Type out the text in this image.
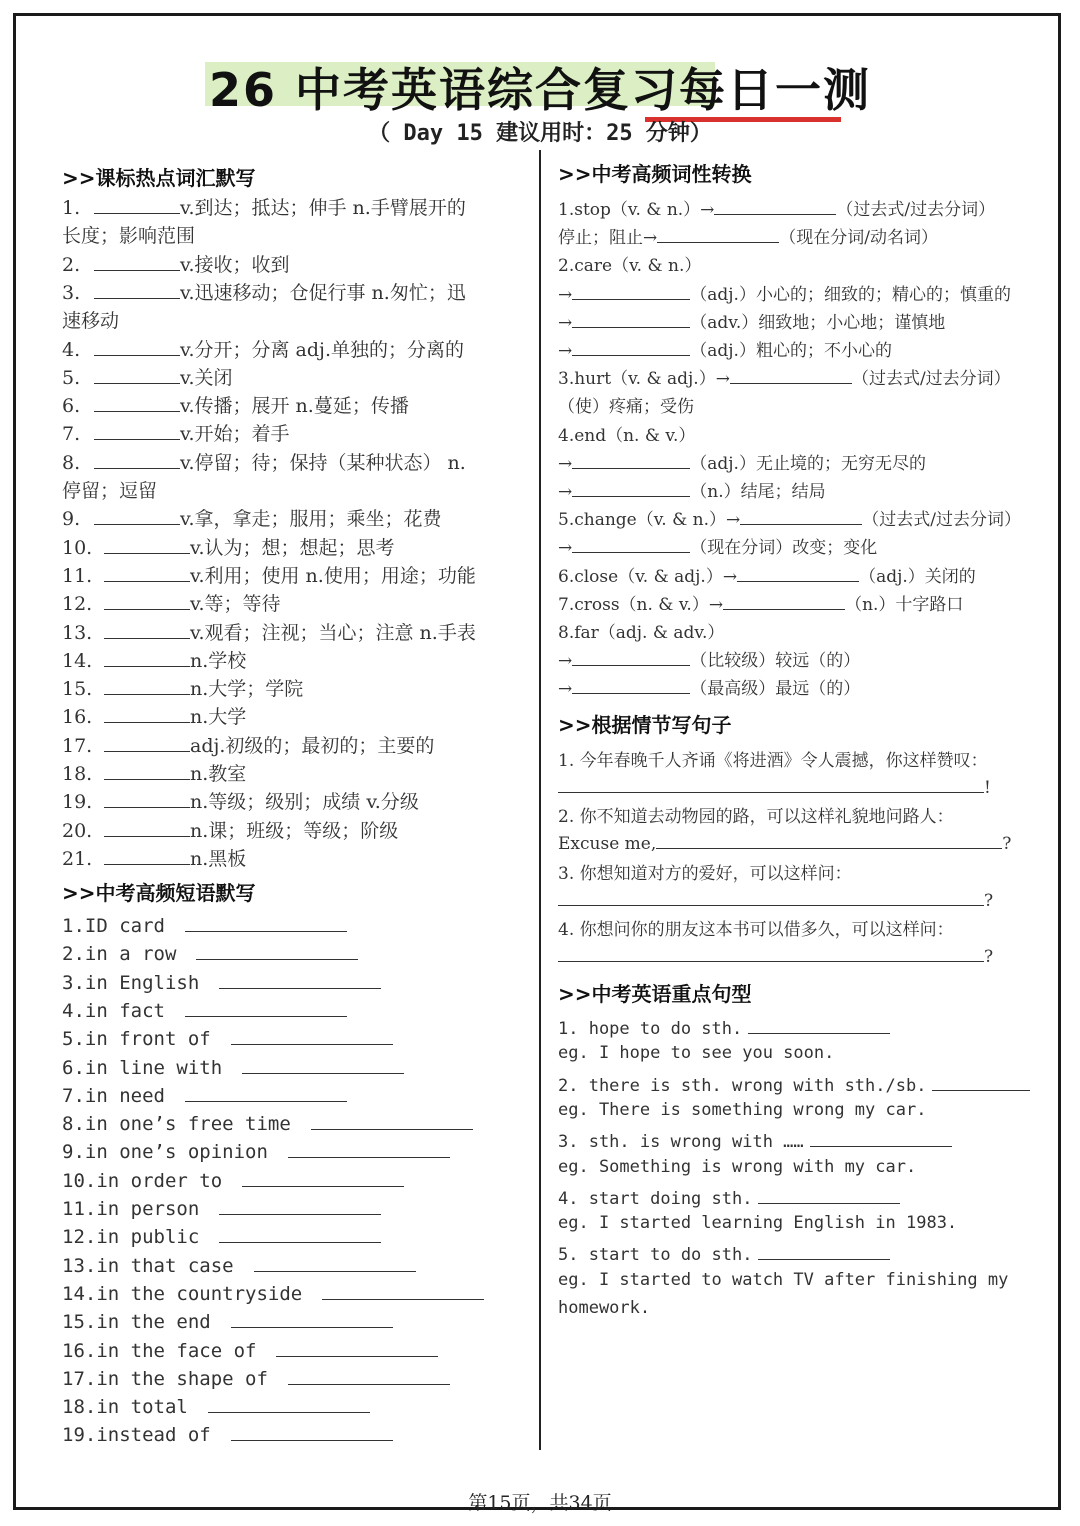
26 中考英语综合复习每日一测
（ Day 15 建议用时：25 分钟）
>>课标热点词汇默写
1.	v.到达；抵达；伸手 n.手臂展开的
长度；影响范围
2.	v.接收；收到
3.	v.迅速移动；仓促行事 n.匆忙；迅
速移动
4.	v.分开；分离 adj.单独的；分离的
5.	v.关闭
6.	v.传播；展开 n.蔓延；传播
7.	v.开始；着手
8.	v.停留；待；保持（某种状态） n.
停留；逗留
9.	v.拿，拿走；服用；乘坐；花费
10.	v.认为；想；想起；思考
11.	v.利用；使用 n.使用；用途；功能
12.	v.等；等待
13.	v.观看；注视；当心；注意 n.手表
14.	n.学校
15.	n.大学；学院
16.	n.大学
17.	adj.初级的；最初的；主要的
18.	n.教室
19.	n.等级；级别；成绩 v.分级
20.	n.课；班级；等级；阶级
21.	n.黑板
>>中考高频短语默写
1.ID card
2.in a row
3.in English
4.in fact
5.in front of
6.in line with
7.in need
8.in one’s free time
9.in one’s opinion
10.in order to
11.in person
12.in public
13.in that case
14.in the countryside
15.in the end
16.in the face of
17.in the shape of
18.in total
19.instead of
>>中考高频词性转换
1.stop（v. & n.）→	（过去式/过去分词）
停止；阻止→	（现在分词/动名词）
2.care（v. & n.）
→	（adj.）小心的；细致的；精心的；慎重的
→	（adv.）细致地；小心地；谨慎地
→	（adj.）粗心的；不小心的
3.hurt（v. & adj.）→	（过去式/过去分词）
（使）疼痛；受伤
4.end（n. & v.）
→	（adj.）无止境的；无穷无尽的
→	（n.）结尾；结局
5.change（v. & n.）→	（过去式/过去分词）
→	（现在分词）改变；变化
6.close（v. & adj.）→	（adj.）关闭的
7.cross（n. & v.）→	（n.）十字路口
8.far（adj. & adv.）
→	（比较级）较远（的）
→	（最高级）最远（的）
>>根据情节写句子
1. 今年春晚千人齐诵《将进酒》令人震撼，你这样赞叹：
!
2. 你不知道去动物园的路，可以这样礼貌地问路人：
Excuse me,	?
3. 你想知道对方的爱好，可以这样问：
?
4. 你想问你的朋友这本书可以借多久，可以这样问：
?
>>中考英语重点句型
1. hope to do sth.
eg. I hope to see you soon.
2. there is sth. wrong with sth./sb.
eg. There is something wrong my car.
3. sth. is wrong with ……
eg. Something is wrong with my car.
4. start doing sth.
eg. I started learning English in 1983.
5. start to do sth.
eg. I started to watch TV after finishing my
homework.
第15页，共34页
